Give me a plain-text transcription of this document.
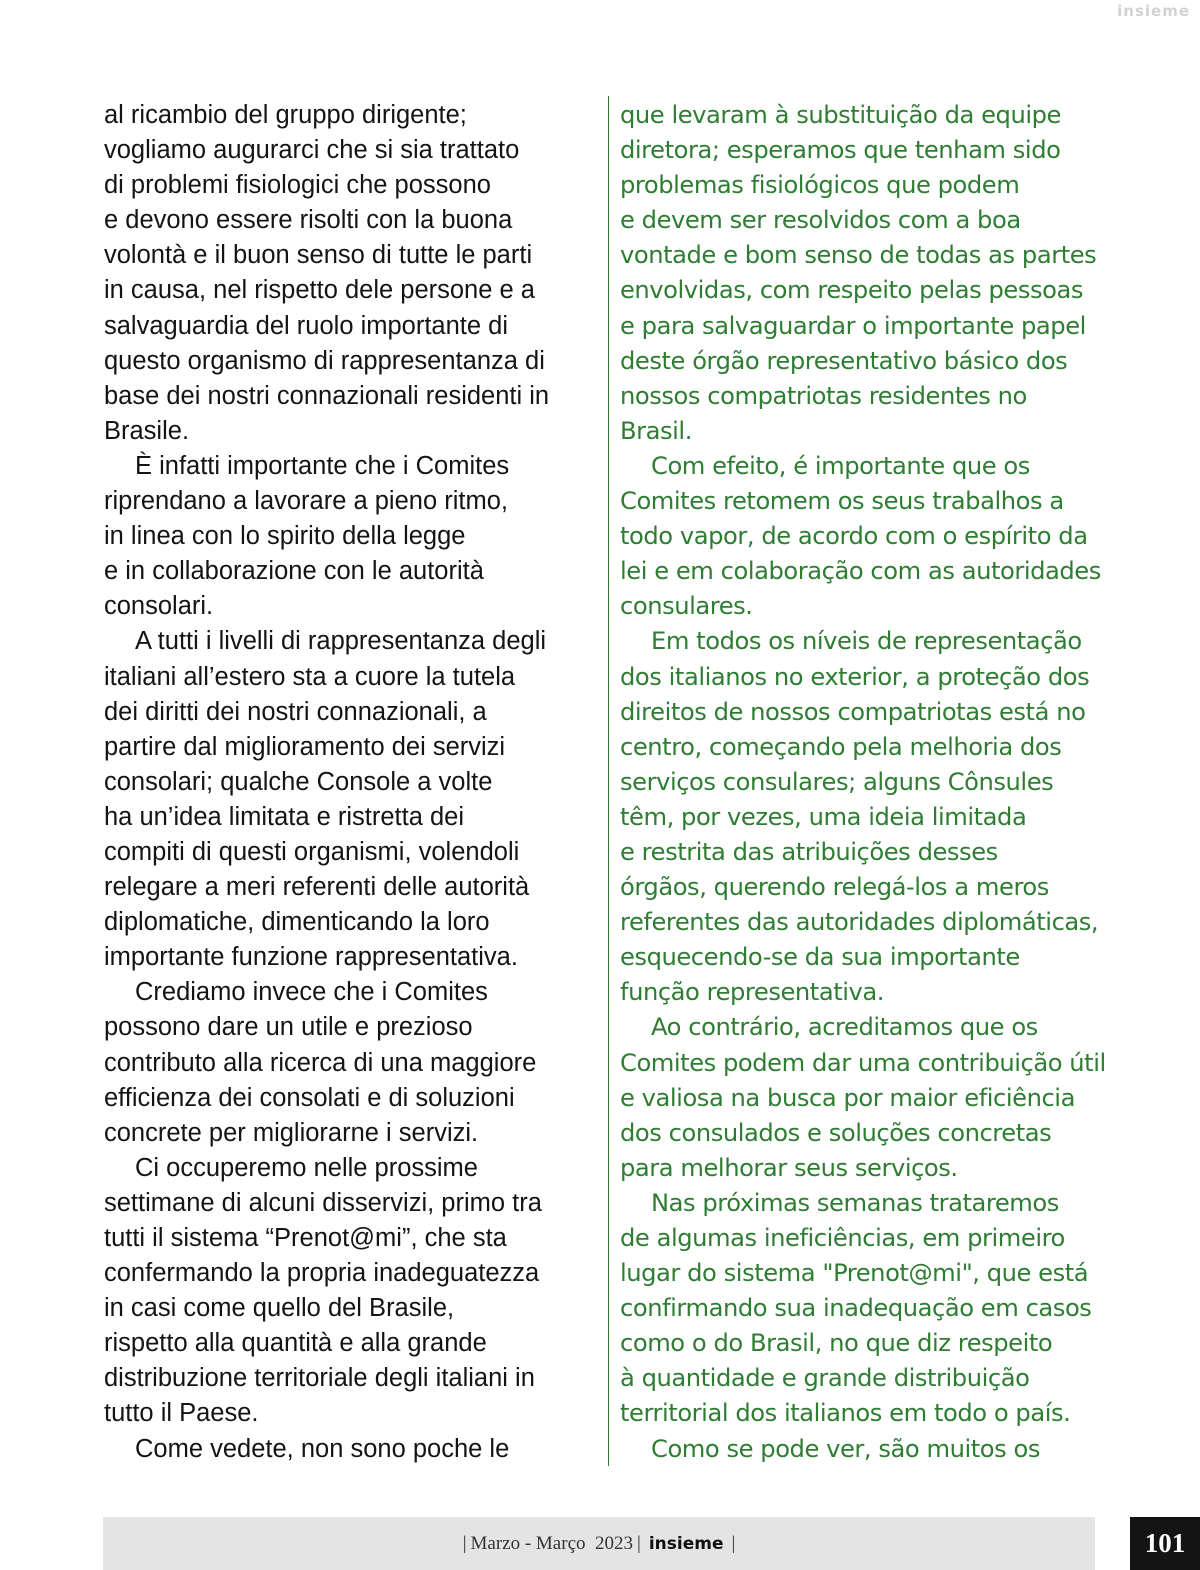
insieme

al ricambio del gruppo dirigente;

vogliamo augurarci che si sia trattato

di problemi fisiologici che possono

e devono essere risolti con la buona

volontà e il buon senso di tutte le parti

in causa, nel rispetto dele persone e a

salvaguardia del ruolo importante di

questo organismo di rappresentanza di

base dei nostri connazionali residenti in

Brasile.

È infatti importante che i Comites

riprendano a lavorare a pieno ritmo,

in linea con lo spirito della legge

e in collaborazione con le autorità

consolari.

A tutti i livelli di rappresentanza degli

italiani all’estero sta a cuore la tutela

dei diritti dei nostri connazionali, a

partire dal miglioramento dei servizi

consolari; qualche Console a volte

ha un’idea limitata e ristretta dei

compiti di questi organismi, volendoli

relegare a meri referenti delle autorità

diplomatiche, dimenticando la loro

importante funzione rappresentativa.

Crediamo invece che i Comites

possono dare un utile e prezioso

contributo alla ricerca di una maggiore

efficienza dei consolati e di soluzioni

concrete per migliorarne i servizi.

Ci occuperemo nelle prossime

settimane di alcuni disservizi, primo tra

tutti il sistema “Prenot@mi”, che sta

confermando la propria inadeguatezza

in casi come quello del Brasile,

rispetto alla quantità e alla grande

distribuzione territoriale degli italiani in

tutto il Paese.

Come vedete, non sono poche le

que levaram à substituição da equipe

diretora; esperamos que tenham sido

problemas fisiológicos que podem

e devem ser resolvidos com a boa

vontade e bom senso de todas as partes

envolvidas, com respeito pelas pessoas

e para salvaguardar o importante papel

deste órgão representativo básico dos

nossos compatriotas residentes no

Brasil.

Com efeito, é importante que os

Comites retomem os seus trabalhos a

todo vapor, de acordo com o espírito da

lei e em colaboração com as autoridades

consulares.

Em todos os níveis de representação

dos italianos no exterior, a proteção dos

direitos de nossos compatriotas está no

centro, começando pela melhoria dos

serviços consulares; alguns Cônsules

têm, por vezes, uma ideia limitada

e restrita das atribuições desses

órgãos, querendo relegá-los a meros

referentes das autoridades diplomáticas,

esquecendo-se da sua importante

função representativa.

Ao contrário, acreditamos que os

Comites podem dar uma contribuição útil

e valiosa na busca por maior eficiência

dos consulados e soluções concretas

para melhorar seus serviços.

Nas próximas semanas trataremos

de algumas ineficiências, em primeiro

lugar do sistema "Prenot@mi", que está

confirmando sua inadequação em casos

como o do Brasil, no que diz respeito

à quantidade e grande distribuição

territorial dos italianos em todo o país.

Como se pode ver, são muitos os

| Marzo - Março  2023 | insieme |	101
